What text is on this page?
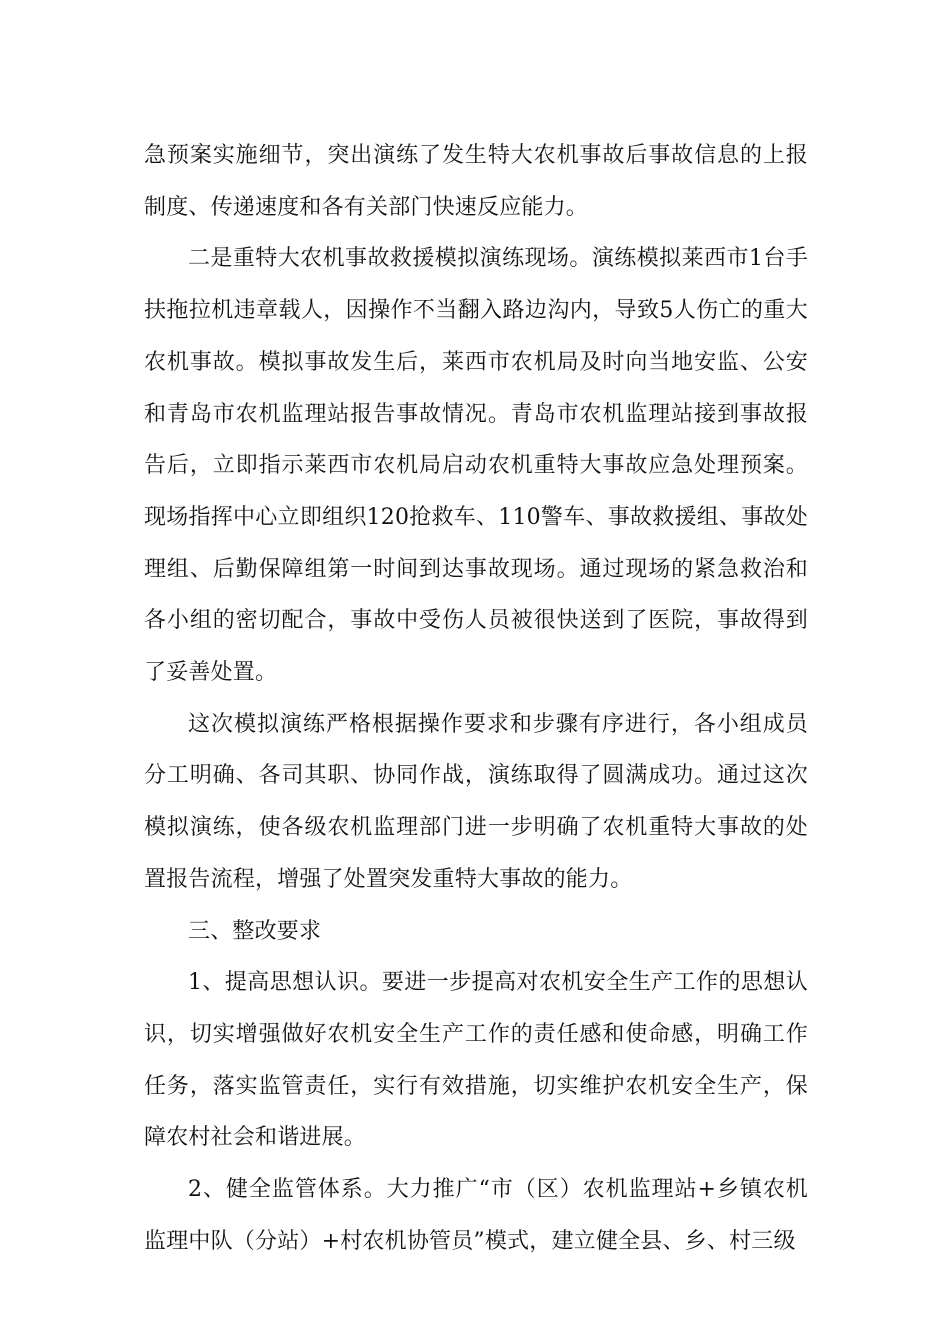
急预案实施细节，突出演练了发生特大农机事故后事故信息的上报制度、传递速度和各有关部门快速反应能力。

二是重特大农机事故救援模拟演练现场。演练模拟莱西市1台手扶拖拉机违章载人，因操作不当翻入路边沟内，导致5人伤亡的重大农机事故。模拟事故发生后，莱西市农机局及时向当地安监、公安和青岛市农机监理站报告事故情况。青岛市农机监理站接到事故报告后，立即指示莱西市农机局启动农机重特大事故应急处理预案。现场指挥中心立即组织120抢救车、110警车、事故救援组、事故处理组、后勤保障组第一时间到达事故现场。通过现场的紧急救治和各小组的密切配合，事故中受伤人员被很快送到了医院，事故得到了妥善处置。

这次模拟演练严格根据操作要求和步骤有序进行，各小组成员分工明确、各司其职、协同作战，演练取得了圆满成功。通过这次模拟演练，使各级农机监理部门进一步明确了农机重特大事故的处置报告流程，增强了处置突发重特大事故的能力。

三、整改要求

1、提高思想认识。要进一步提高对农机安全生产工作的思想认识，切实增强做好农机安全生产工作的责任感和使命感，明确工作任务，落实监管责任，实行有效措施，切实维护农机安全生产，保障农村社会和谐进展。

2、健全监管体系。大力推广“市（区）农机监理站+乡镇农机监理中队（分站）+村农机协管员”模式，建立健全县、乡、村三级
